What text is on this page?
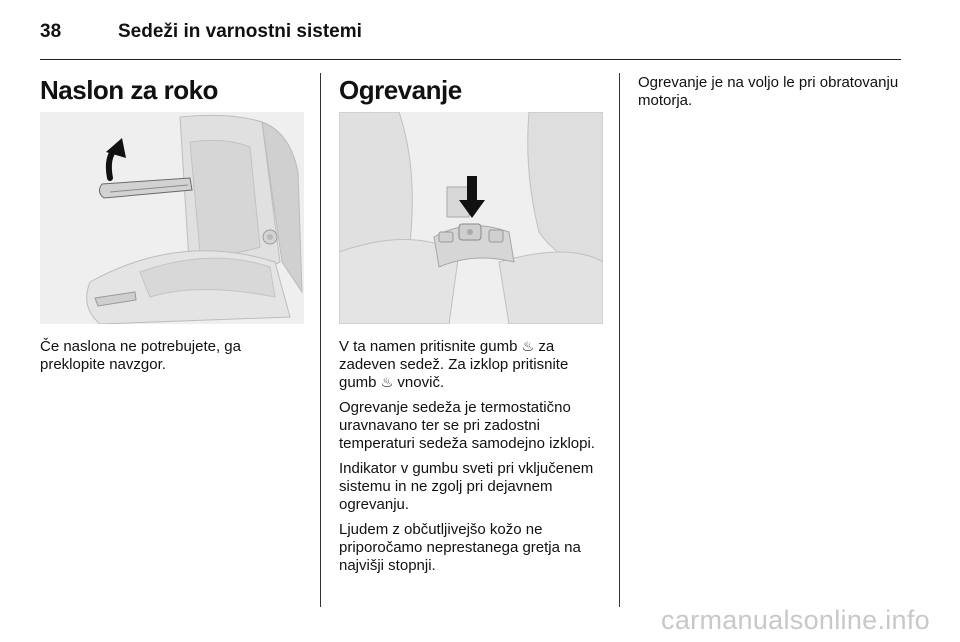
38	Sedeži in varnostni sistemi
Naslon za roko

Če naslona ne potrebujete, ga
preklopite navzgor.

Ogrevanje

V ta namen pritisnite gumb ♨ za zadeven sedež. Za izklop pritisnite gumb ♨ vnovič.

Ogrevanje sedeža je termostatično uravnavano ter se pri zadostni temperaturi sedeža samodejno izklopi.

Indikator v gumbu sveti pri vključenem sistemu in ne zgolj pri dejavnem ogrevanju.

Ljudem z občutljivejšo kožo ne priporočamo neprestanega gretja na najvišji stopnji.

Ogrevanje je na voljo le pri obratovanju motorja.

carmanualsonline.info
